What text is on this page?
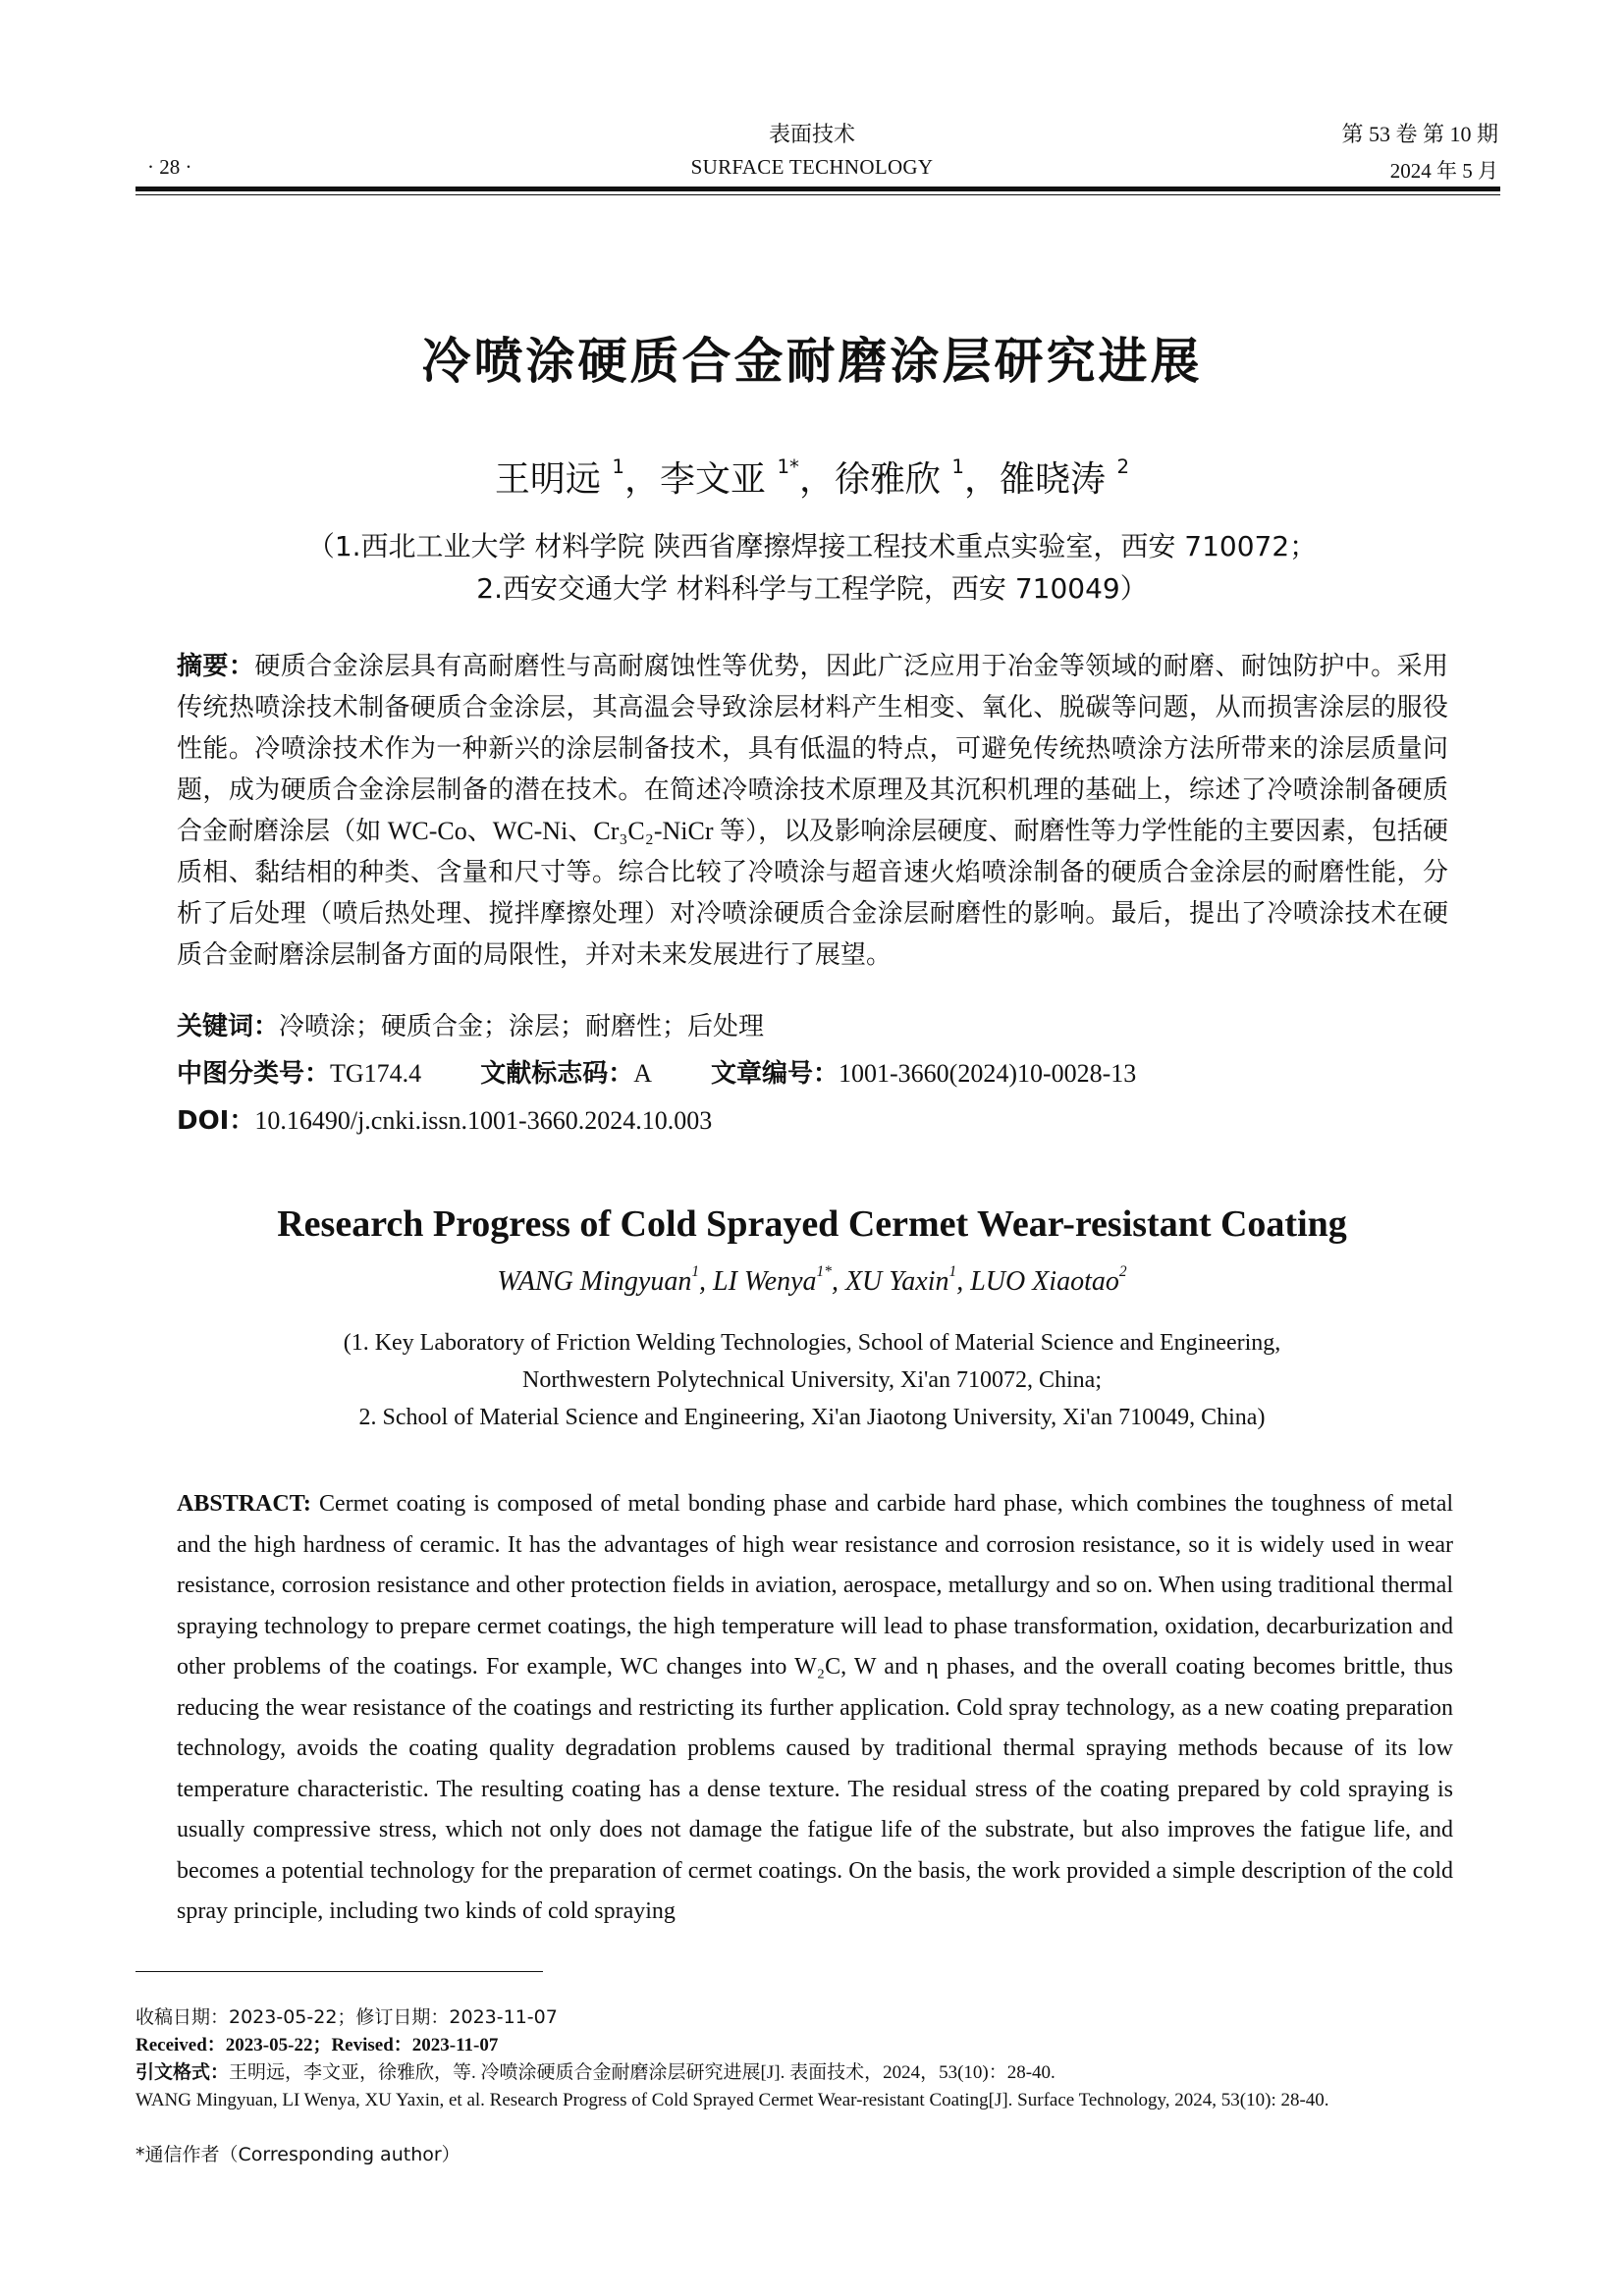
· 28 ·
表面技术
SURFACE TECHNOLOGY
第 53 卷 第 10 期
2024 年 5 月
冷喷涂硬质合金耐磨涂层研究进展
王明远 $^1$，李文亚 $^{1*}$，徐雅欣 $^1$，雒晓涛 $^2$
（1.西北工业大学 材料学院 陕西省摩擦焊接工程技术重点实验室，西安 710072；
2.西安交通大学 材料科学与工程学院，西安 710049）
摘要：硬质合金涂层具有高耐磨性与高耐腐蚀性等优势，因此广泛应用于冶金等领域的耐磨、耐蚀防护中。采用传统热喷涂技术制备硬质合金涂层，其高温会导致涂层材料产生相变、氧化、脱碳等问题，从而损害涂层的服役性能。冷喷涂技术作为一种新兴的涂层制备技术，具有低温的特点，可避免传统热喷涂方法所带来的涂层质量问题，成为硬质合金涂层制备的潜在技术。在简述冷喷涂技术原理及其沉积机理的基础上，综述了冷喷涂制备硬质合金耐磨涂层（如 WC-Co、WC-Ni、Cr₃C₂-NiCr 等），以及影响涂层硬度、耐磨性等力学性能的主要因素，包括硬质相、黏结相的种类、含量和尺寸等。综合比较了冷喷涂与超音速火焰喷涂制备的硬质合金涂层的耐磨性能，分析了后处理（喷后热处理、搅拌摩擦处理）对冷喷涂硬质合金涂层耐磨性的影响。最后，提出了冷喷涂技术在硬质合金耐磨涂层制备方面的局限性，并对未来发展进行了展望。
关键词：冷喷涂；硬质合金；涂层；耐磨性；后处理
中图分类号：TG174.4 文献标志码：A 文章编号：1001-3660(2024)10-0028-13
DOI：10.16490/j.cnki.issn.1001-3660.2024.10.003
Research Progress of Cold Sprayed Cermet Wear-resistant Coating
WANG Mingyuan$^1$, LI Wenya$^{1*}$, XU Yaxin$^1$, LUO Xiaotao$^2$
(1. Key Laboratory of Friction Welding Technologies, School of Material Science and Engineering,
Northwestern Polytechnical University, Xi'an 710072, China;
2. School of Material Science and Engineering, Xi'an Jiaotong University, Xi'an 710049, China)
ABSTRACT: Cermet coating is composed of metal bonding phase and carbide hard phase, which combines the toughness of metal and the high hardness of ceramic. It has the advantages of high wear resistance and corrosion resistance, so it is widely used in wear resistance, corrosion resistance and other protection fields in aviation, aerospace, metallurgy and so on. When using traditional thermal spraying technology to prepare cermet coatings, the high temperature will lead to phase transformation, oxidation, decarburization and other problems of the coatings. For example, WC changes into W₂C, W and η phases, and the overall coating becomes brittle, thus reducing the wear resistance of the coatings and restricting its further application. Cold spray technology, as a new coating preparation technology, avoids the coating quality degradation problems caused by traditional thermal spraying methods because of its low temperature characteristic. The resulting coating has a dense texture. The residual stress of the coating prepared by cold spraying is usually compressive stress, which not only does not damage the fatigue life of the substrate, but also improves the fatigue life, and becomes a potential technology for the preparation of cermet coatings. On the basis, the work provided a simple description of the cold spray principle, including two kinds of cold spraying
收稿日期：2023-05-22；修订日期：2023-11-07
Received：2023-05-22；Revised：2023-11-07
引文格式：王明远，李文亚，徐雅欣，等. 冷喷涂硬质合金耐磨涂层研究进展[J]. 表面技术，2024，53(10)：28-40.
WANG Mingyuan, LI Wenya, XU Yaxin, et al. Research Progress of Cold Sprayed Cermet Wear-resistant Coating[J]. Surface Technology, 2024, 53(10): 28-40.
*通信作者（Corresponding author）
